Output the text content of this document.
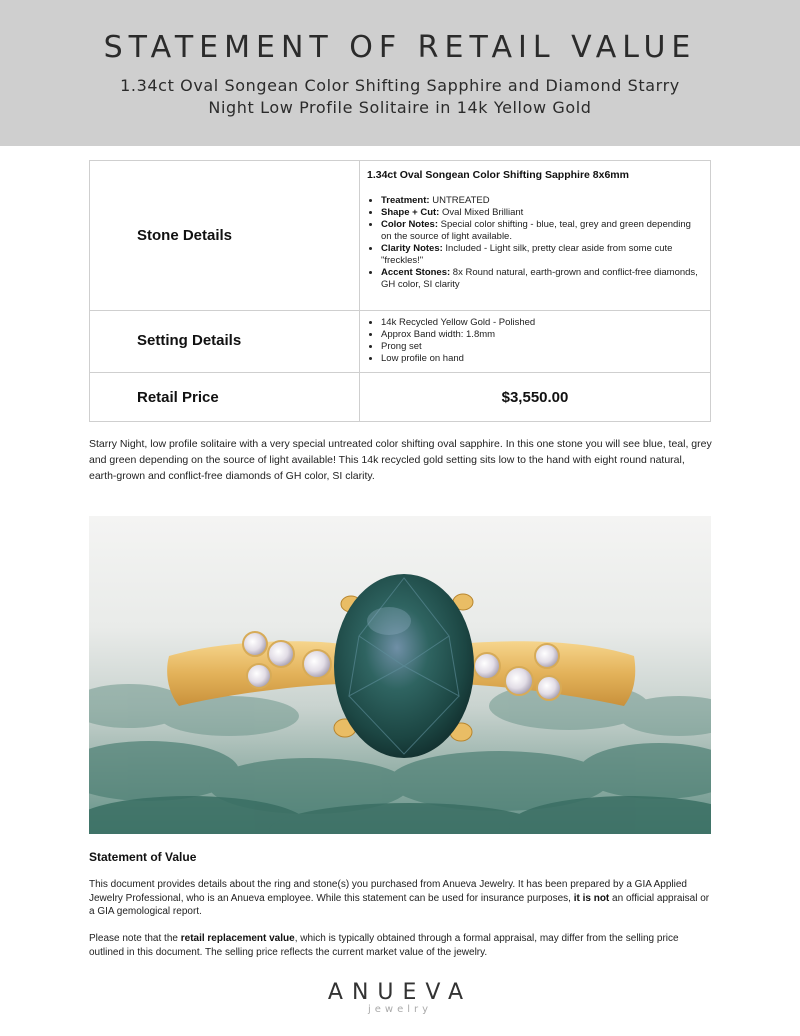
STATEMENT OF RETAIL VALUE
1.34ct Oval Songean Color Shifting Sapphire and Diamond Starry Night Low Profile Solitaire in 14k Yellow Gold
Stone Details
1.34ct Oval Songean Color Shifting Sapphire 8x6mm
• Treatment: UNTREATED
• Shape + Cut: Oval Mixed Brilliant
• Color Notes: Special color shifting - blue, teal, grey and green depending on the source of light available.
• Clarity Notes: Included - Light silk, pretty clear aside from some cute "freckles!"
• Accent Stones: 8x Round natural, earth-grown and conflict-free diamonds, GH color, SI clarity
Setting Details
• 14k Recycled Yellow Gold - Polished
• Approx Band width: 1.8mm
• Prong set
• Low profile on hand
Retail Price	$3,550.00
Starry Night, low profile solitaire with a very special untreated color shifting oval sapphire. In this one stone you will see blue, teal, grey and green depending on the source of light available! This 14k recycled gold setting sits low to the hand with eight round natural, earth-grown and conflict-free diamonds of GH color, SI clarity.
Statement of Value
This document provides details about the ring and stone(s) you purchased from Anueva Jewelry. It has been prepared by a GIA Applied Jewelry Professional, who is an Anueva employee. While this statement can be used for insurance purposes, it is not an official appraisal or a GIA gemological report.
Please note that the retail replacement value, which is typically obtained through a formal appraisal, may differ from the selling price outlined in this document. The selling price reflects the current market value of the jewelry.
ANUEVA
jewelry
